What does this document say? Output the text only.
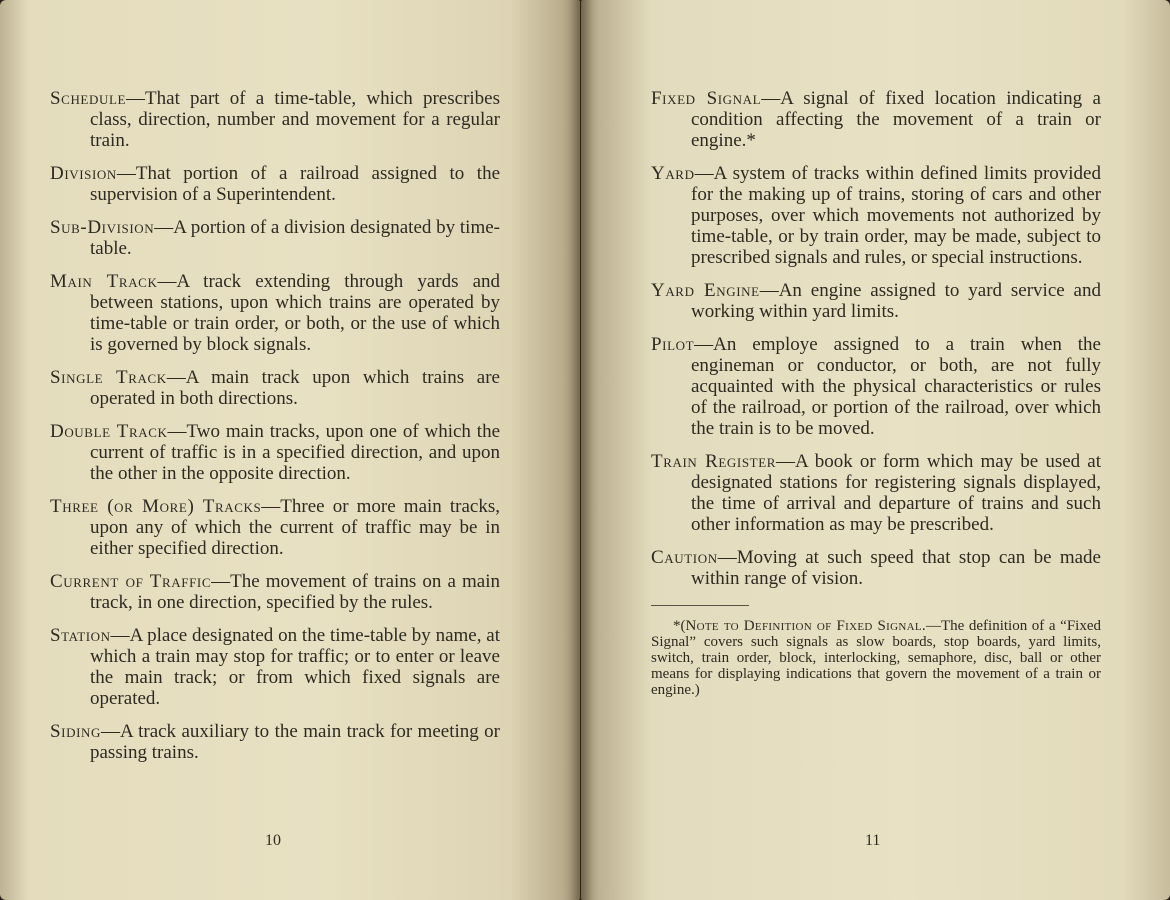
Schedule—That part of a time-table, which prescribes class, direction, number and movement for a regular train.

Division—That portion of a railroad assigned to the supervision of a Superintendent.

Sub-Division—A portion of a division designated by time-table.

Main Track—A track extending through yards and between stations, upon which trains are operated by time-table or train order, or both, or the use of which is governed by block signals.

Single Track—A main track upon which trains are operated in both directions.

Double Track—Two main tracks, upon one of which the current of traffic is in a specified direction, and upon the other in the opposite direction.

Three (or More) Tracks—Three or more main tracks, upon any of which the current of traffic may be in either specified direction.

Current of Traffic—The movement of trains on a main track, in one direction, specified by the rules.

Station—A place designated on the time-table by name, at which a train may stop for traffic; or to enter or leave the main track; or from which fixed signals are operated.

Siding—A track auxiliary to the main track for meeting or passing trains.

10

Fixed Signal—A signal of fixed location indicating a condition affecting the movement of a train or engine.*

Yard—A system of tracks within defined limits provided for the making up of trains, storing of cars and other purposes, over which movements not authorized by time-table, or by train order, may be made, subject to prescribed signals and rules, or special instructions.

Yard Engine—An engine assigned to yard service and working within yard limits.

Pilot—An employe assigned to a train when the engineman or conductor, or both, are not fully acquainted with the physical characteristics or rules of the railroad, or portion of the railroad, over which the train is to be moved.

Train Register—A book or form which may be used at designated stations for registering signals displayed, the time of arrival and departure of trains and such other information as may be prescribed.

Caution—Moving at such speed that stop can be made within range of vision.

*(Note to Definition of Fixed Signal.—The definition of a “Fixed Signal” covers such signals as slow boards, stop boards, yard limits, switch, train order, block, interlocking, semaphore, disc, ball or other means for displaying indications that govern the movement of a train or engine.)

11
